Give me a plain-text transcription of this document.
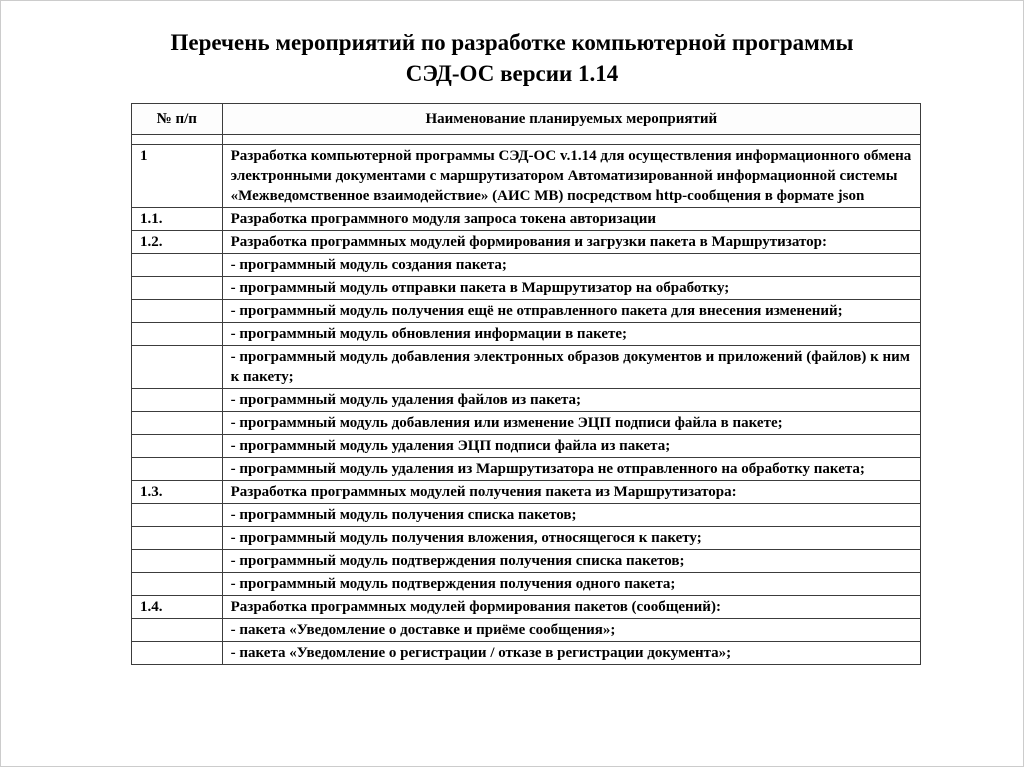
Перечень мероприятий по разработке компьютерной программы
СЭД-ОС версии 1.14
№ п/п	Наименование планируемых мероприятий

1	Разработка компьютерной программы СЭД-ОС v.1.14 для осуществления информационного обмена электронными документами с маршрутизатором Автоматизированной информационной системы «Межведомственное взаимодействие» (АИС МВ) посредством http-сообщения в формате json
1.1.	Разработка программного модуля запроса токена авторизации
1.2.	Разработка программных модулей формирования и загрузки пакета в Маршрутизатор:
	- программный модуль создания пакета;
	- программный модуль отправки пакета в Маршрутизатор на обработку;
	- программный модуль получения ещё не отправленного пакета для внесения изменений;
	- программный модуль обновления информации в пакете;
	- программный модуль добавления электронных образов документов и приложений (файлов) к ним к пакету;
	- программный модуль удаления файлов из пакета;
	- программный модуль добавления или изменение ЭЦП подписи файла в пакете;
	- программный модуль удаления ЭЦП подписи файла из пакета;
	- программный модуль удаления из Маршрутизатора не отправленного на обработку пакета;
1.3.	Разработка программных модулей получения пакета из Маршрутизатора:
	- программный модуль получения списка пакетов;
	- программный модуль получения вложения, относящегося к пакету;
	- программный модуль подтверждения получения списка пакетов;
	- программный модуль подтверждения получения одного пакета;
1.4.	Разработка программных модулей формирования пакетов (сообщений):
	- пакета «Уведомление о доставке и приёме сообщения»;
	- пакета «Уведомление о регистрации / отказе в регистрации документа»;
